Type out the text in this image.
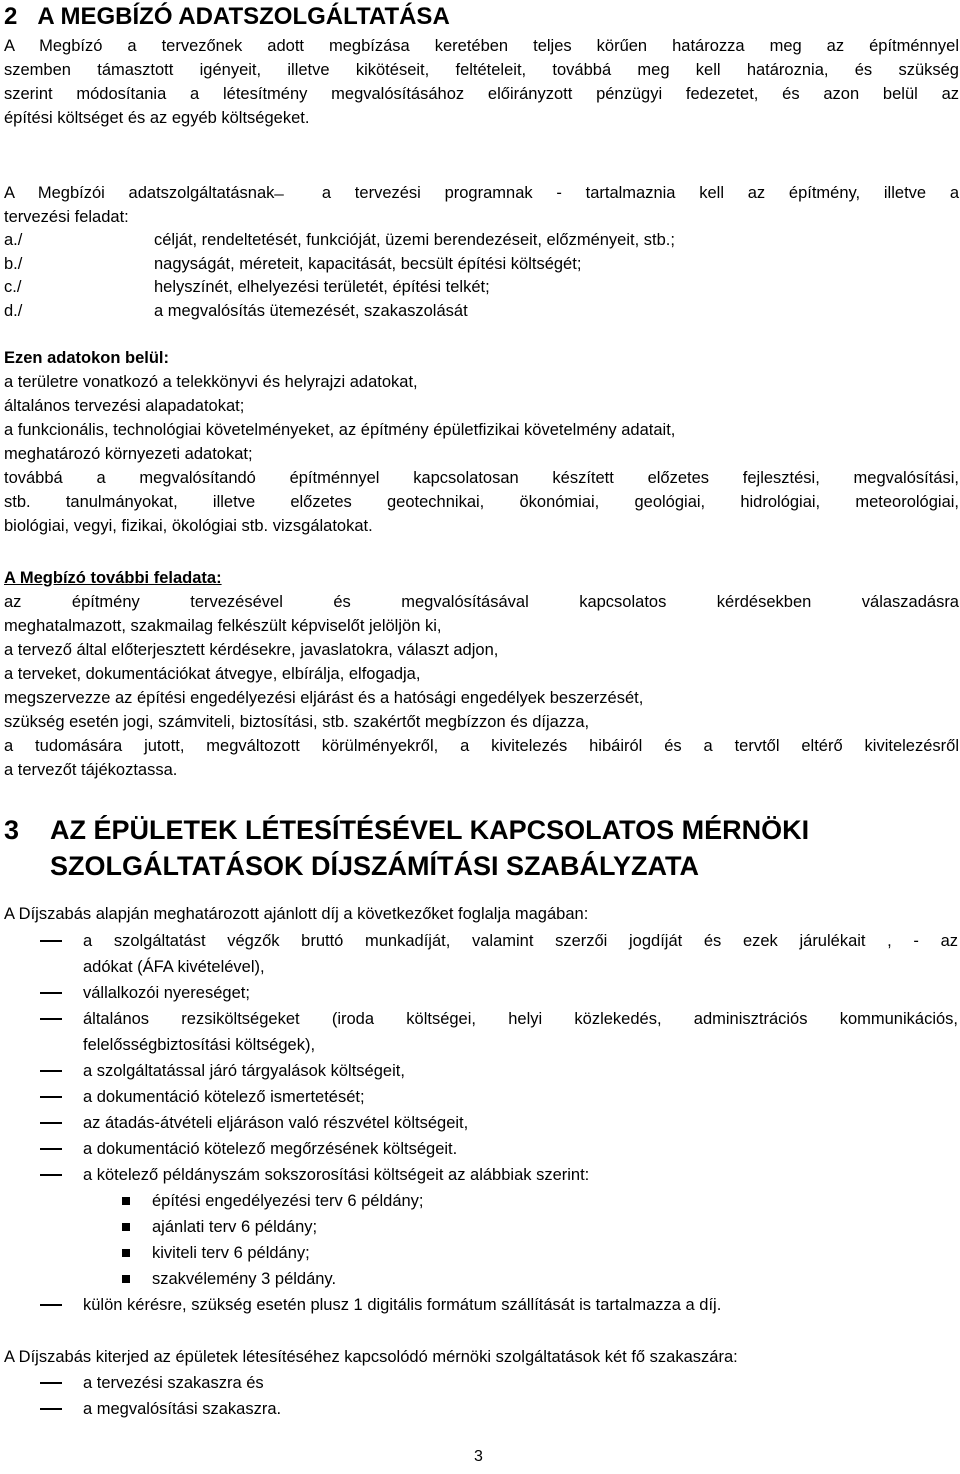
2 A MEGBÍZÓ ADATSZOLGÁLTATÁSA

A Megbízó a tervezőnek adott megbízása keretében teljes körűen határozza meg az építménnyel
szemben támasztott igényeit, illetve kikötéseit, feltételeit, továbbá meg kell határoznia, és szükség
szerint módosítania a létesítmény megvalósításához előirányzott pénzügyi fedezetet, és azon belül az
építési költséget és az egyéb költségeket.

A Megbízói adatszolgáltatásnak ̶ a tervezési programnak - tartalmaznia kell az építmény, illetve a
tervezési feladat:

a./	célját, rendeltetését, funkcióját, üzemi berendezéseit, előzményeit, stb.;
b./	nagyságát, méreteit, kapacitását, becsült építési költségét;
c./	helyszínét, elhelyezési területét, építési telkét;
d./	a megvalósítás ütemezését, szakaszolását

Ezen adatokon belül:
a területre vonatkozó a telekkönyvi és helyrajzi adatokat,
általános tervezési alapadatokat;
a funkcionális, technológiai követelményeket, az építmény épületfizikai követelmény adatait,
meghatározó környezeti adatokat;
továbbá a megvalósítandó építménnyel kapcsolatosan készített előzetes fejlesztési, megvalósítási,
stb. tanulmányokat, illetve előzetes geotechnikai, ökonómiai, geológiai, hidrológiai, meteorológiai,
biológiai, vegyi, fizikai, ökológiai stb. vizsgálatokat.

A Megbízó további feladata:
az építmény tervezésével és megvalósításával kapcsolatos kérdésekben válaszadásra
meghatalmazott, szakmailag felkészült képviselőt jelöljön ki,
a tervező által előterjesztett kérdésekre, javaslatokra, választ adjon,
a terveket, dokumentációkat átvegye, elbírálja, elfogadja,
megszervezze az építési engedélyezési eljárást és a hatósági engedélyek beszerzését,
szükség esetén jogi, számviteli, biztosítási, stb. szakértőt megbízzon és díjazza,
a tudomására jutott, megváltozott körülményekről, a kivitelezés hibáiról és a tervtől eltérő kivitelezésről
a tervezőt tájékoztassa.

3 AZ ÉPÜLETEK LÉTESÍTÉSÉVEL KAPCSOLATOS MÉRNÖKI
SZOLGÁLTATÁSOK DÍJSZÁMÍTÁSI SZABÁLYZATA

A Díjszabás alapján meghatározott ajánlott díj a következőket foglalja magában:

a szolgáltatást végzők bruttó munkadíját, valamint szerzői jogdíját és ezek járulékait , - az
adókat (ÁFA kivételével),
vállalkozói nyereséget;
általános rezsiköltségeket (iroda költségei, helyi közlekedés, adminisztrációs kommunikációs,
felelősségbiztosítási költségek),
a szolgáltatással járó tárgyalások költségeit,
a dokumentáció kötelező ismertetését;
az átadás-átvételi eljáráson való részvétel költségeit,
a dokumentáció kötelező megőrzésének költségeit.
a kötelező példányszám sokszorosítási költségeit az alábbiak szerint:
építési engedélyezési terv 6 példány;
ajánlati terv 6 példány;
kiviteli terv 6 példány;
szakvélemény 3 példány.
külön kérésre, szükség esetén plusz 1 digitális formátum szállítását is tartalmazza a díj.

A Díjszabás kiterjed az épületek létesítéséhez kapcsolódó mérnöki szolgáltatások két fő szakaszára:

a tervezési szakaszra és
a megvalósítási szakaszra.
3
